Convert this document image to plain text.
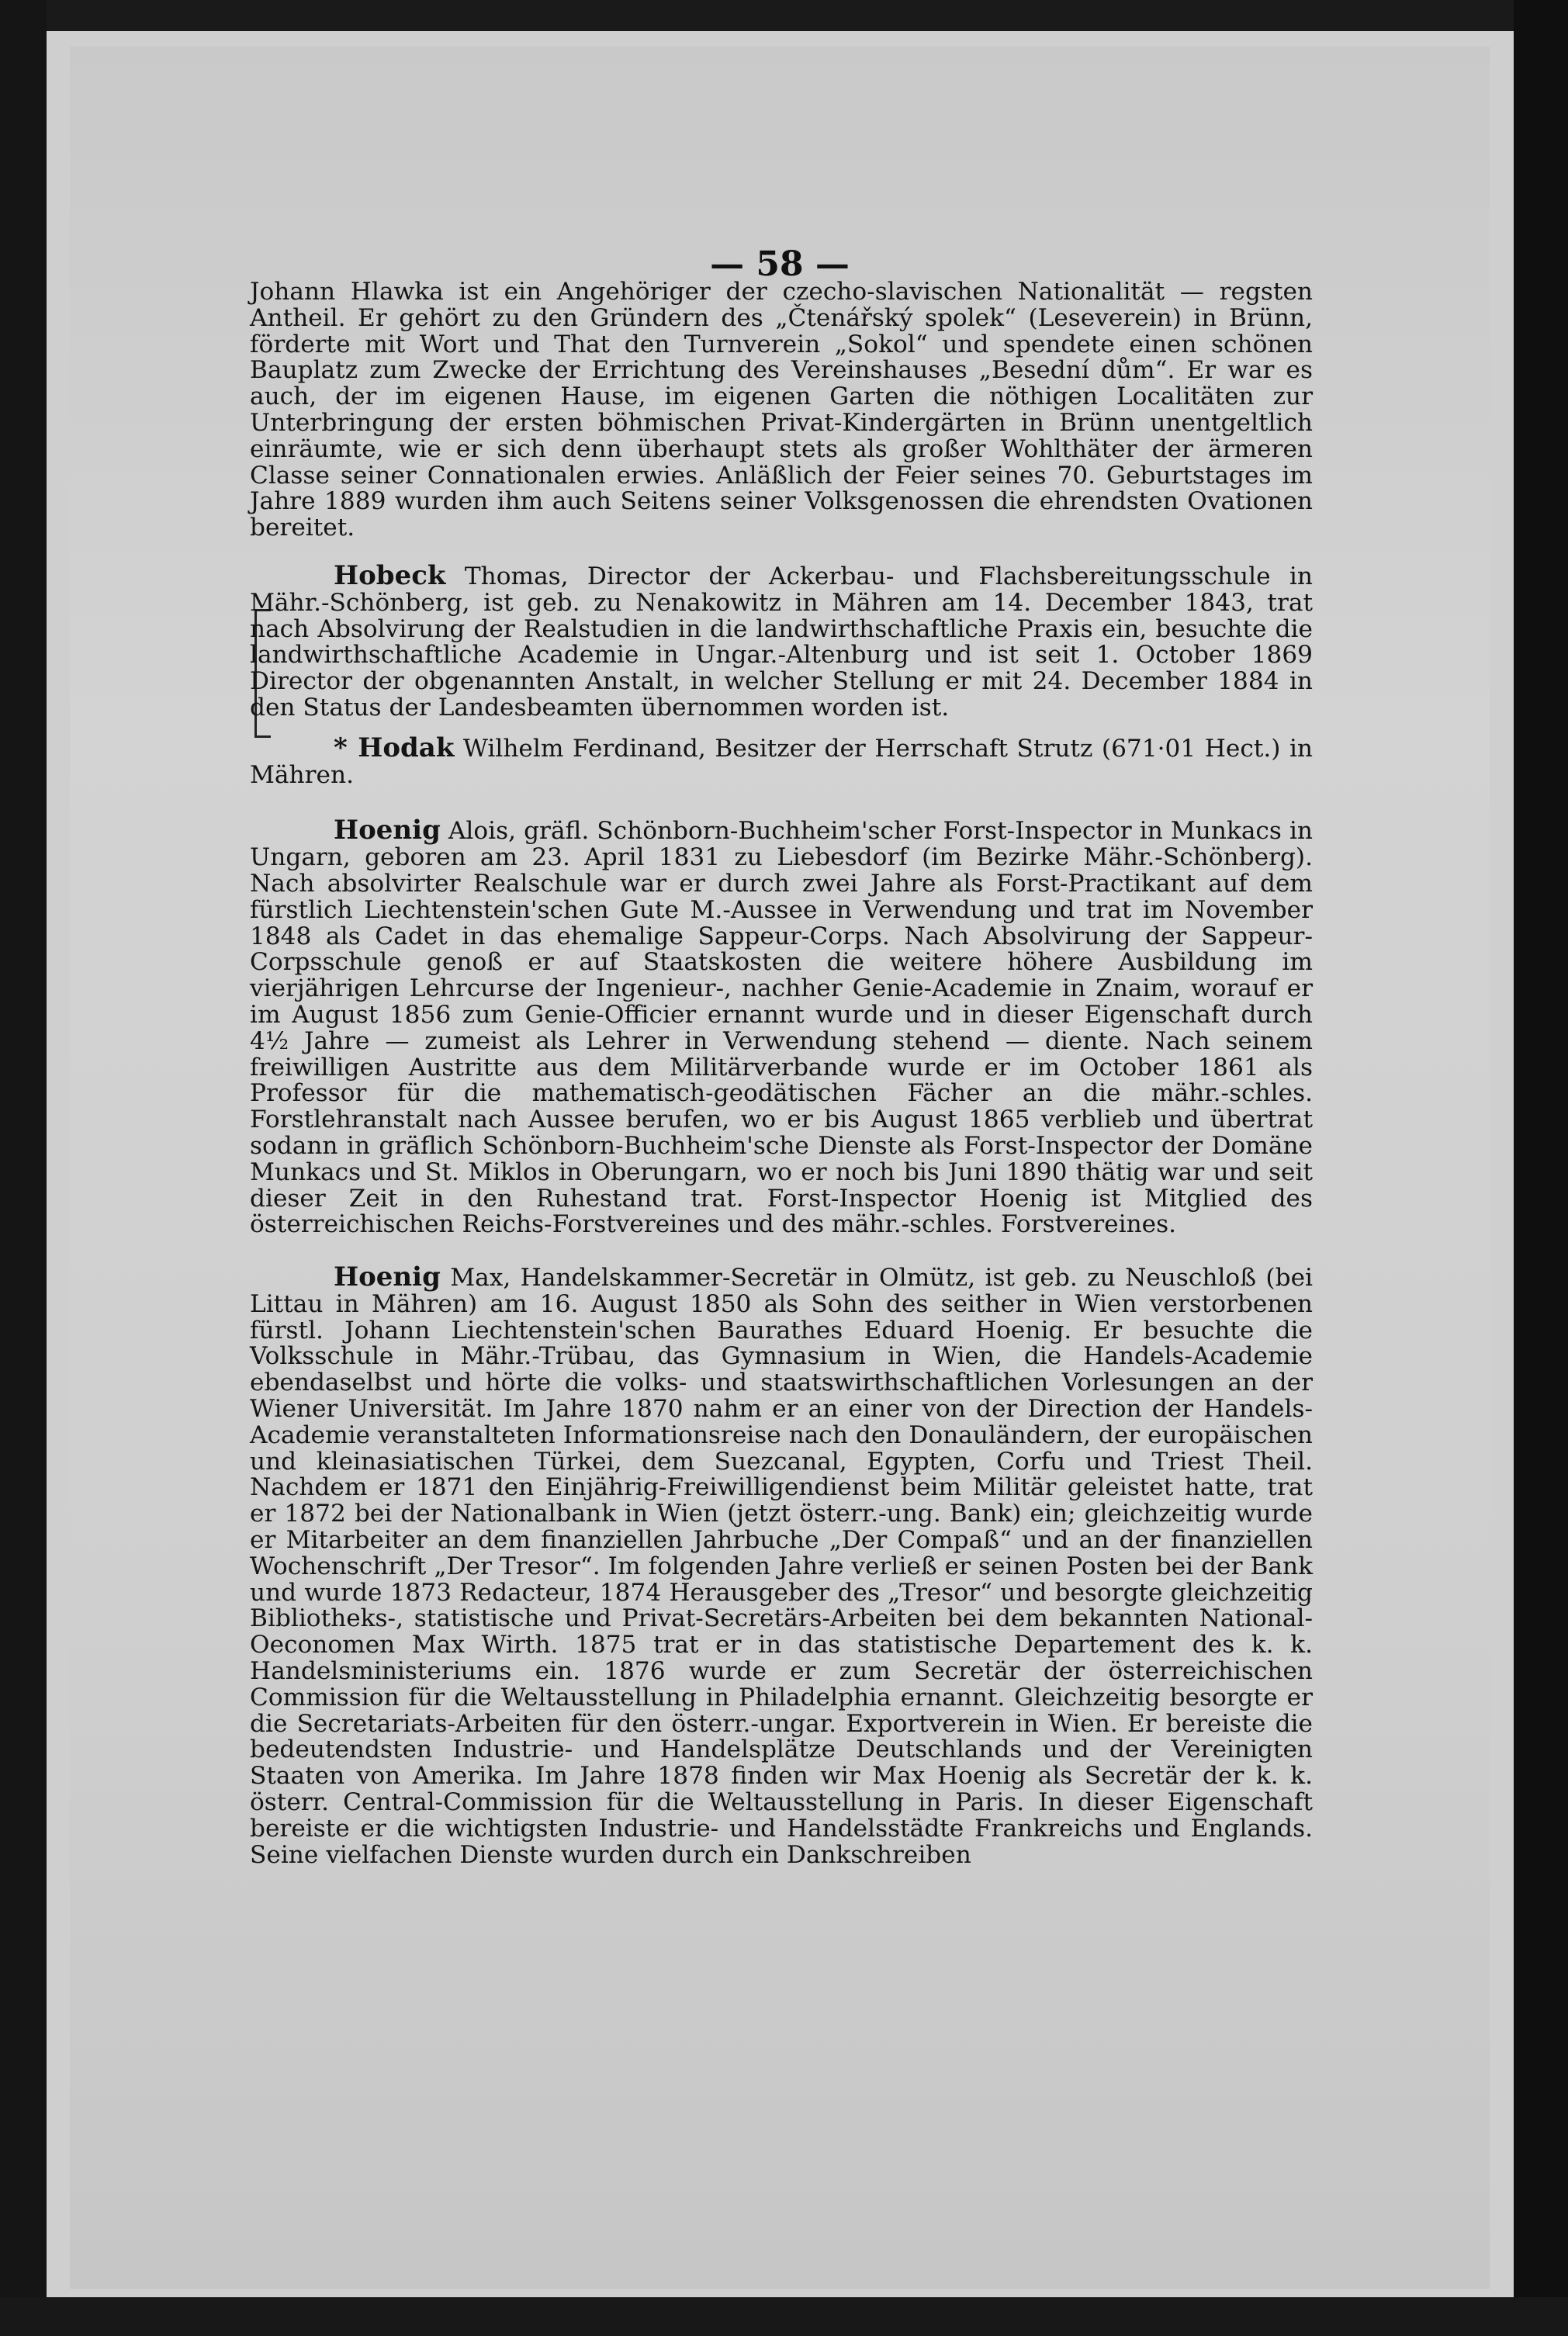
— 58 —

Johann Hlawka ist ein Angehöriger der czecho-slavischen Nationalität — regsten Antheil. Er gehört zu den Gründern des „Čtenářský spolek“ (Leseverein) in Brünn, förderte mit Wort und That den Turnverein „Sokol“ und spendete einen schönen Bauplatz zum Zwecke der Errichtung des Vereinshauses „Besední dům“. Er war es auch, der im eigenen Hause, im eigenen Garten die nöthigen Localitäten zur Unterbringung der ersten böhmischen Privat-Kindergärten in Brünn unentgeltlich einräumte, wie er sich denn überhaupt stets als großer Wohlthäter der ärmeren Classe seiner Connationalen erwies. Anläßlich der Feier seines 70. Geburtstages im Jahre 1889 wurden ihm auch Seitens seiner Volksgenossen die ehrendsten Ovationen bereitet.

Hobeck Thomas, Director der Ackerbau- und Flachsbereitungsschule in Mähr.-Schönberg, ist geb. zu Nenakowitz in Mähren am 14. December 1843, trat nach Absolvirung der Realstudien in die landwirthschaftliche Praxis ein, besuchte die landwirthschaftliche Academie in Ungar.-Altenburg und ist seit 1. October 1869 Director der obgenannten Anstalt, in welcher Stellung er mit 24. December 1884 in den Status der Landesbeamten übernommen worden ist.

* Hodak Wilhelm Ferdinand, Besitzer der Herrschaft Strutz (671·01 Hect.) in Mähren.

Hoenig Alois, gräfl. Schönborn-Buchheim'scher Forst-Inspector in Munkacs in Ungarn, geboren am 23. April 1831 zu Liebesdorf (im Bezirke Mähr.-Schönberg). Nach absolvirter Realschule war er durch zwei Jahre als Forst-Practikant auf dem fürstlich Liechtenstein'schen Gute M.-Aussee in Verwendung und trat im November 1848 als Cadet in das ehemalige Sappeur-Corps. Nach Absolvirung der Sappeur-Corpsschule genoß er auf Staatskosten die weitere höhere Ausbildung im vierjährigen Lehrcurse der Ingenieur-, nachher Genie-Academie in Znaim, worauf er im August 1856 zum Genie-Officier ernannt wurde und in dieser Eigenschaft durch 4½ Jahre — zumeist als Lehrer in Verwendung stehend — diente. Nach seinem freiwilligen Austritte aus dem Militärverbande wurde er im October 1861 als Professor für die mathematisch-geodätischen Fächer an die mähr.-schles. Forstlehranstalt nach Aussee berufen, wo er bis August 1865 verblieb und übertrat sodann in gräflich Schönborn-Buchheim'sche Dienste als Forst-Inspector der Domäne Munkacs und St. Miklos in Oberungarn, wo er noch bis Juni 1890 thätig war und seit dieser Zeit in den Ruhestand trat. Forst-Inspector Hoenig ist Mitglied des österreichischen Reichs-Forstvereines und des mähr.-schles. Forstvereines.

Hoenig Max, Handelskammer-Secretär in Olmütz, ist geb. zu Neuschloß (bei Littau in Mähren) am 16. August 1850 als Sohn des seither in Wien verstorbenen fürstl. Johann Liechtenstein'schen Baurathes Eduard Hoenig. Er besuchte die Volksschule in Mähr.-Trübau, das Gymnasium in Wien, die Handels-Academie ebendaselbst und hörte die volks- und staatswirthschaftlichen Vorlesungen an der Wiener Universität. Im Jahre 1870 nahm er an einer von der Direction der Handels-Academie veranstalteten Informationsreise nach den Donauländern, der europäischen und kleinasiatischen Türkei, dem Suezcanal, Egypten, Corfu und Triest Theil. Nachdem er 1871 den Einjährig-Freiwilligendienst beim Militär geleistet hatte, trat er 1872 bei der Nationalbank in Wien (jetzt österr.-ung. Bank) ein; gleichzeitig wurde er Mitarbeiter an dem finanziellen Jahrbuche „Der Compaß“ und an der finanziellen Wochenschrift „Der Tresor“. Im folgenden Jahre verließ er seinen Posten bei der Bank und wurde 1873 Redacteur, 1874 Herausgeber des „Tresor“ und besorgte gleichzeitig Bibliotheks-, statistische und Privat-Secretärs-Arbeiten bei dem bekannten National-Oeconomen Max Wirth. 1875 trat er in das statistische Departement des k. k. Handelsministeriums ein. 1876 wurde er zum Secretär der österreichischen Commission für die Weltausstellung in Philadelphia ernannt. Gleichzeitig besorgte er die Secretariats-Arbeiten für den österr.-ungar. Exportverein in Wien. Er bereiste die bedeutendsten Industrie- und Handelsplätze Deutschlands und der Vereinigten Staaten von Amerika. Im Jahre 1878 finden wir Max Hoenig als Secretär der k. k. österr. Central-Commission für die Weltausstellung in Paris. In dieser Eigenschaft bereiste er die wichtigsten Industrie- und Handelsstädte Frankreichs und Englands. Seine vielfachen Dienste wurden durch ein Dankschreiben
